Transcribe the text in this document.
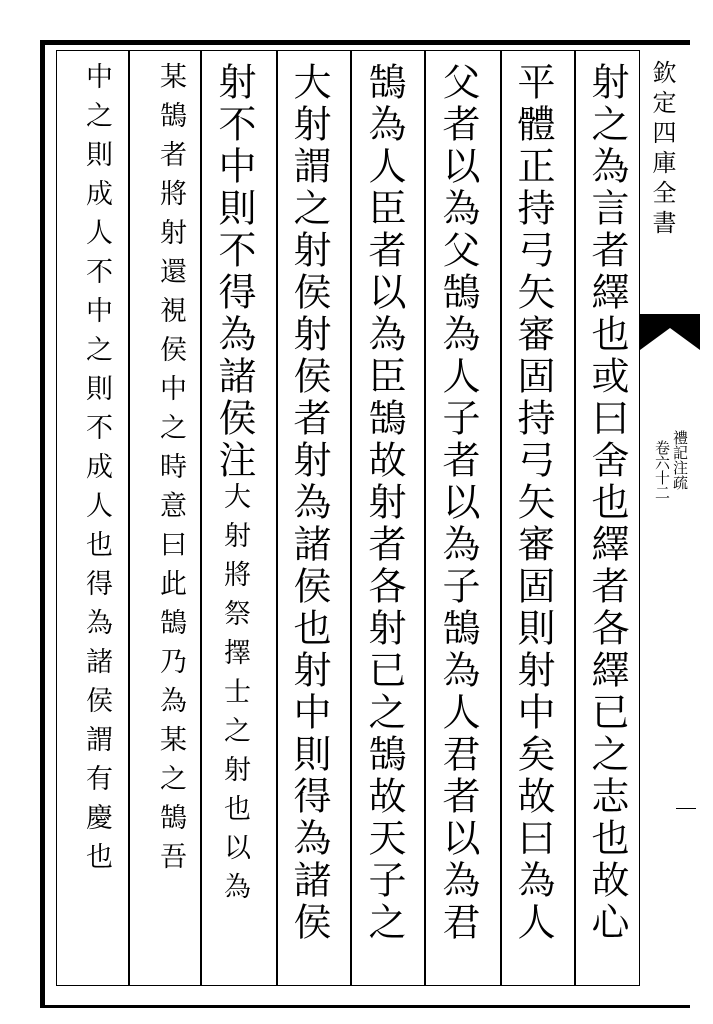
射之為言者繹也或曰舍也繹者各繹已之志也故心
平體正持弓矢審固持弓矢審固則射中矣故曰為人
父者以為父鵠為人子者以為子鵠為人君者以為君
鵠為人臣者以為臣鵠故射者各射已之鵠故天子之
大射謂之射侯射侯者射為諸侯也射中則得為諸侯
射不中則不得為諸侯注大射將祭擇士之射也以為
某鵠者將射還視侯中之時意曰此鵠乃為某之鵠吾
中之則成人不中之則不成人也得為諸侯謂有慶也	欽定四庫全書
卷六十二 禮記注疏
